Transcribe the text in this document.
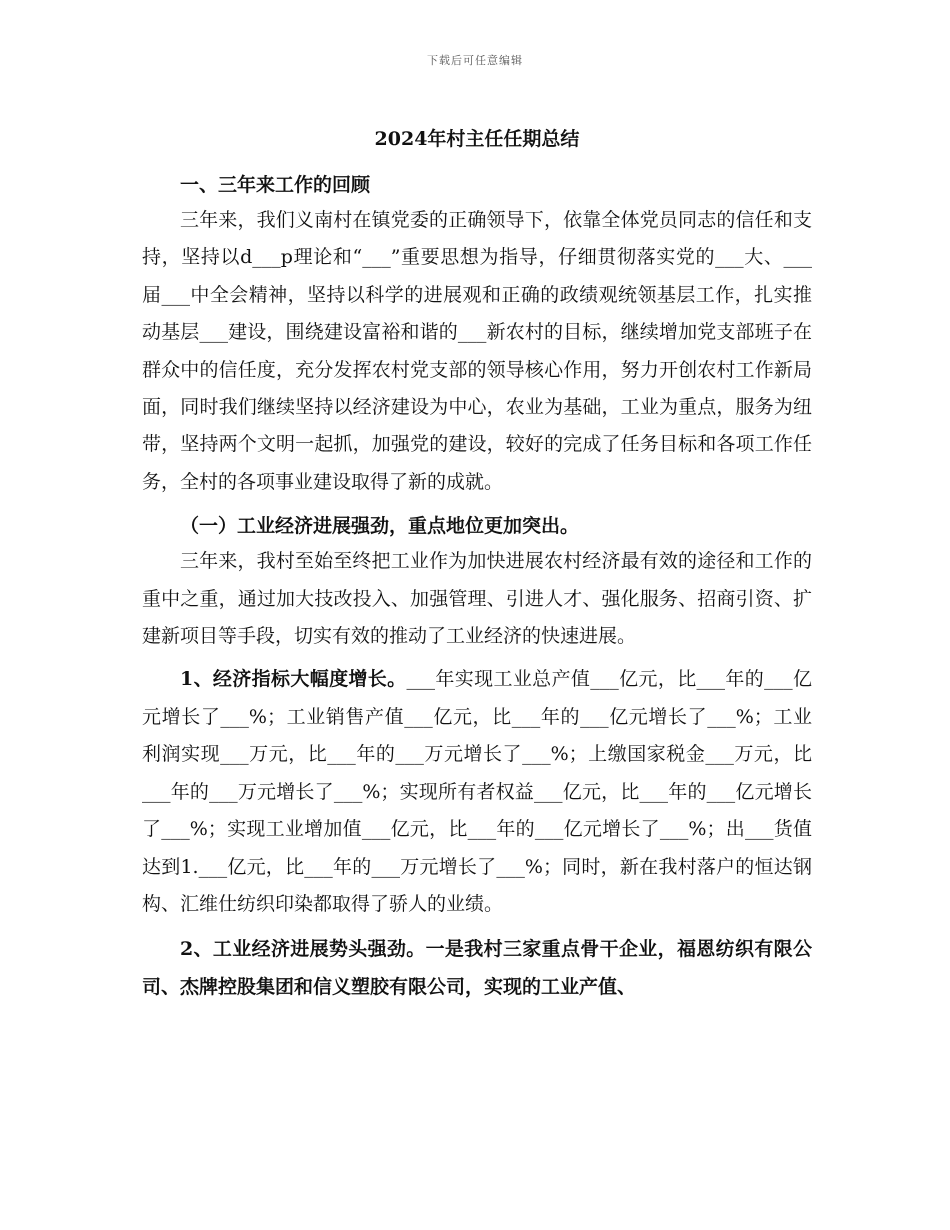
下载后可任意编辑
2024年村主任任期总结
一、三年来工作的回顾

三年来，我们义南村在镇党委的正确领导下，依靠全体党员同志的信任和支持，坚持以d___p理论和“___”重要思想为指导，仔细贯彻落实党的___大、___届___中全会精神，坚持以科学的进展观和正确的政绩观统领基层工作，扎实推动基层___建设，围绕建设富裕和谐的___新农村的目标，继续增加党支部班子在群众中的信任度，充分发挥农村党支部的领导核心作用，努力开创农村工作新局面，同时我们继续坚持以经济建设为中心，农业为基础，工业为重点，服务为纽带，坚持两个文明一起抓，加强党的建设，较好的完成了任务目标和各项工作任务，全村的各项事业建设取得了新的成就。

（一）工业经济进展强劲，重点地位更加突出。

三年来，我村至始至终把工业作为加快进展农村经济最有效的途径和工作的重中之重，通过加大技改投入、加强管理、引进人才、强化服务、招商引资、扩建新项目等手段，切实有效的推动了工业经济的快速进展。

1、经济指标大幅度增长。___年实现工业总产值___亿元，比___年的___亿元增长了___%；工业销售产值___亿元，比___年的___亿元增长了___%；工业利润实现___万元，比___年的___万元增长了___%；上缴国家税金___万元，比___年的___万元增长了___%；实现所有者权益___亿元，比___年的___亿元增长了___%；实现工业增加值___亿元，比___年的___亿元增长了___%；出___货值达到1.___亿元，比___年的___万元增长了___%；同时，新在我村落户的恒达钢构、汇维仕纺织印染都取得了骄人的业绩。

2、工业经济进展势头强劲。一是我村三家重点骨干企业，福恩纺织有限公司、杰牌控股集团和信义塑胶有限公司，实现的工业产值、
